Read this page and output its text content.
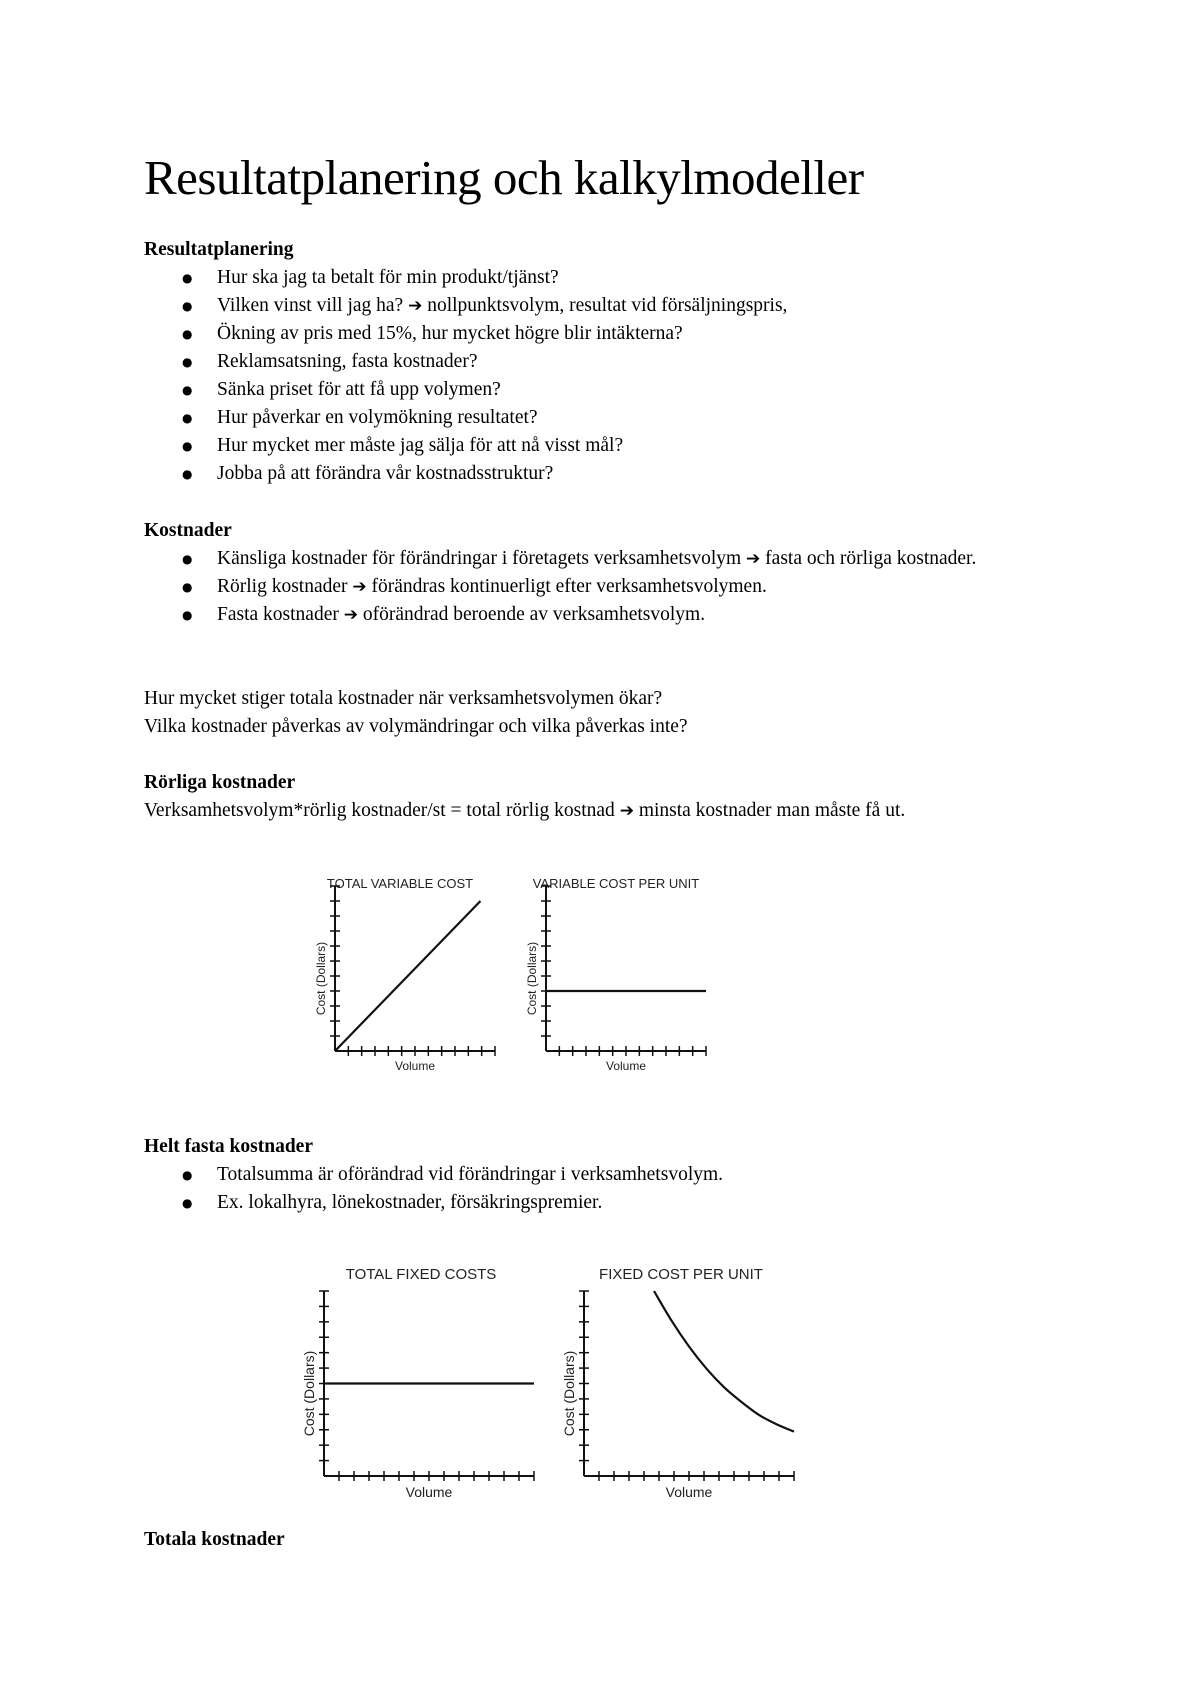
Resultatplanering och kalkylmodeller
Resultatplanering
● Hur ska jag ta betalt för min produkt/tjänst?
● Vilken vinst vill jag ha? ➔ nollpunktsvolym, resultat vid försäljningspris,
● Ökning av pris med 15%, hur mycket högre blir intäkterna?
● Reklamsatsning, fasta kostnader?
● Sänka priset för att få upp volymen?
● Hur påverkar en volymökning resultatet?
● Hur mycket mer måste jag sälja för att nå visst mål?
● Jobba på att förändra vår kostnadsstruktur?
Kostnader
● Känsliga kostnader för förändringar i företagets verksamhetsvolym ➔ fasta och rörliga kostnader.
● Rörlig kostnader ➔ förändras kontinuerligt efter verksamhetsvolymen.
● Fasta kostnader ➔ oförändrad beroende av verksamhetsvolym.

Hur mycket stiger totala kostnader när verksamhetsvolymen ökar?

Vilka kostnader påverkas av volymändringar och vilka påverkas inte?

Rörliga kostnader

Verksamhetsvolym*rörlig kostnader/st = total rörlig kostnad ➔ minsta kostnader man måste få ut.

Helt fasta kostnader
● Totalsumma är oförändrad vid förändringar i verksamhetsvolym.
● Ex. lokalhyra, lönekostnader, försäkringspremier.
Totala kostnader
TOTAL VARIABLE COST
Volume
Cost (Dollars)
VARIABLE COST PER UNIT
Volume
Cost (Dollars)
TOTAL FIXED COSTS
Volume
Cost (Dollars)
FIXED COST PER UNIT
Volume
Cost (Dollars)
